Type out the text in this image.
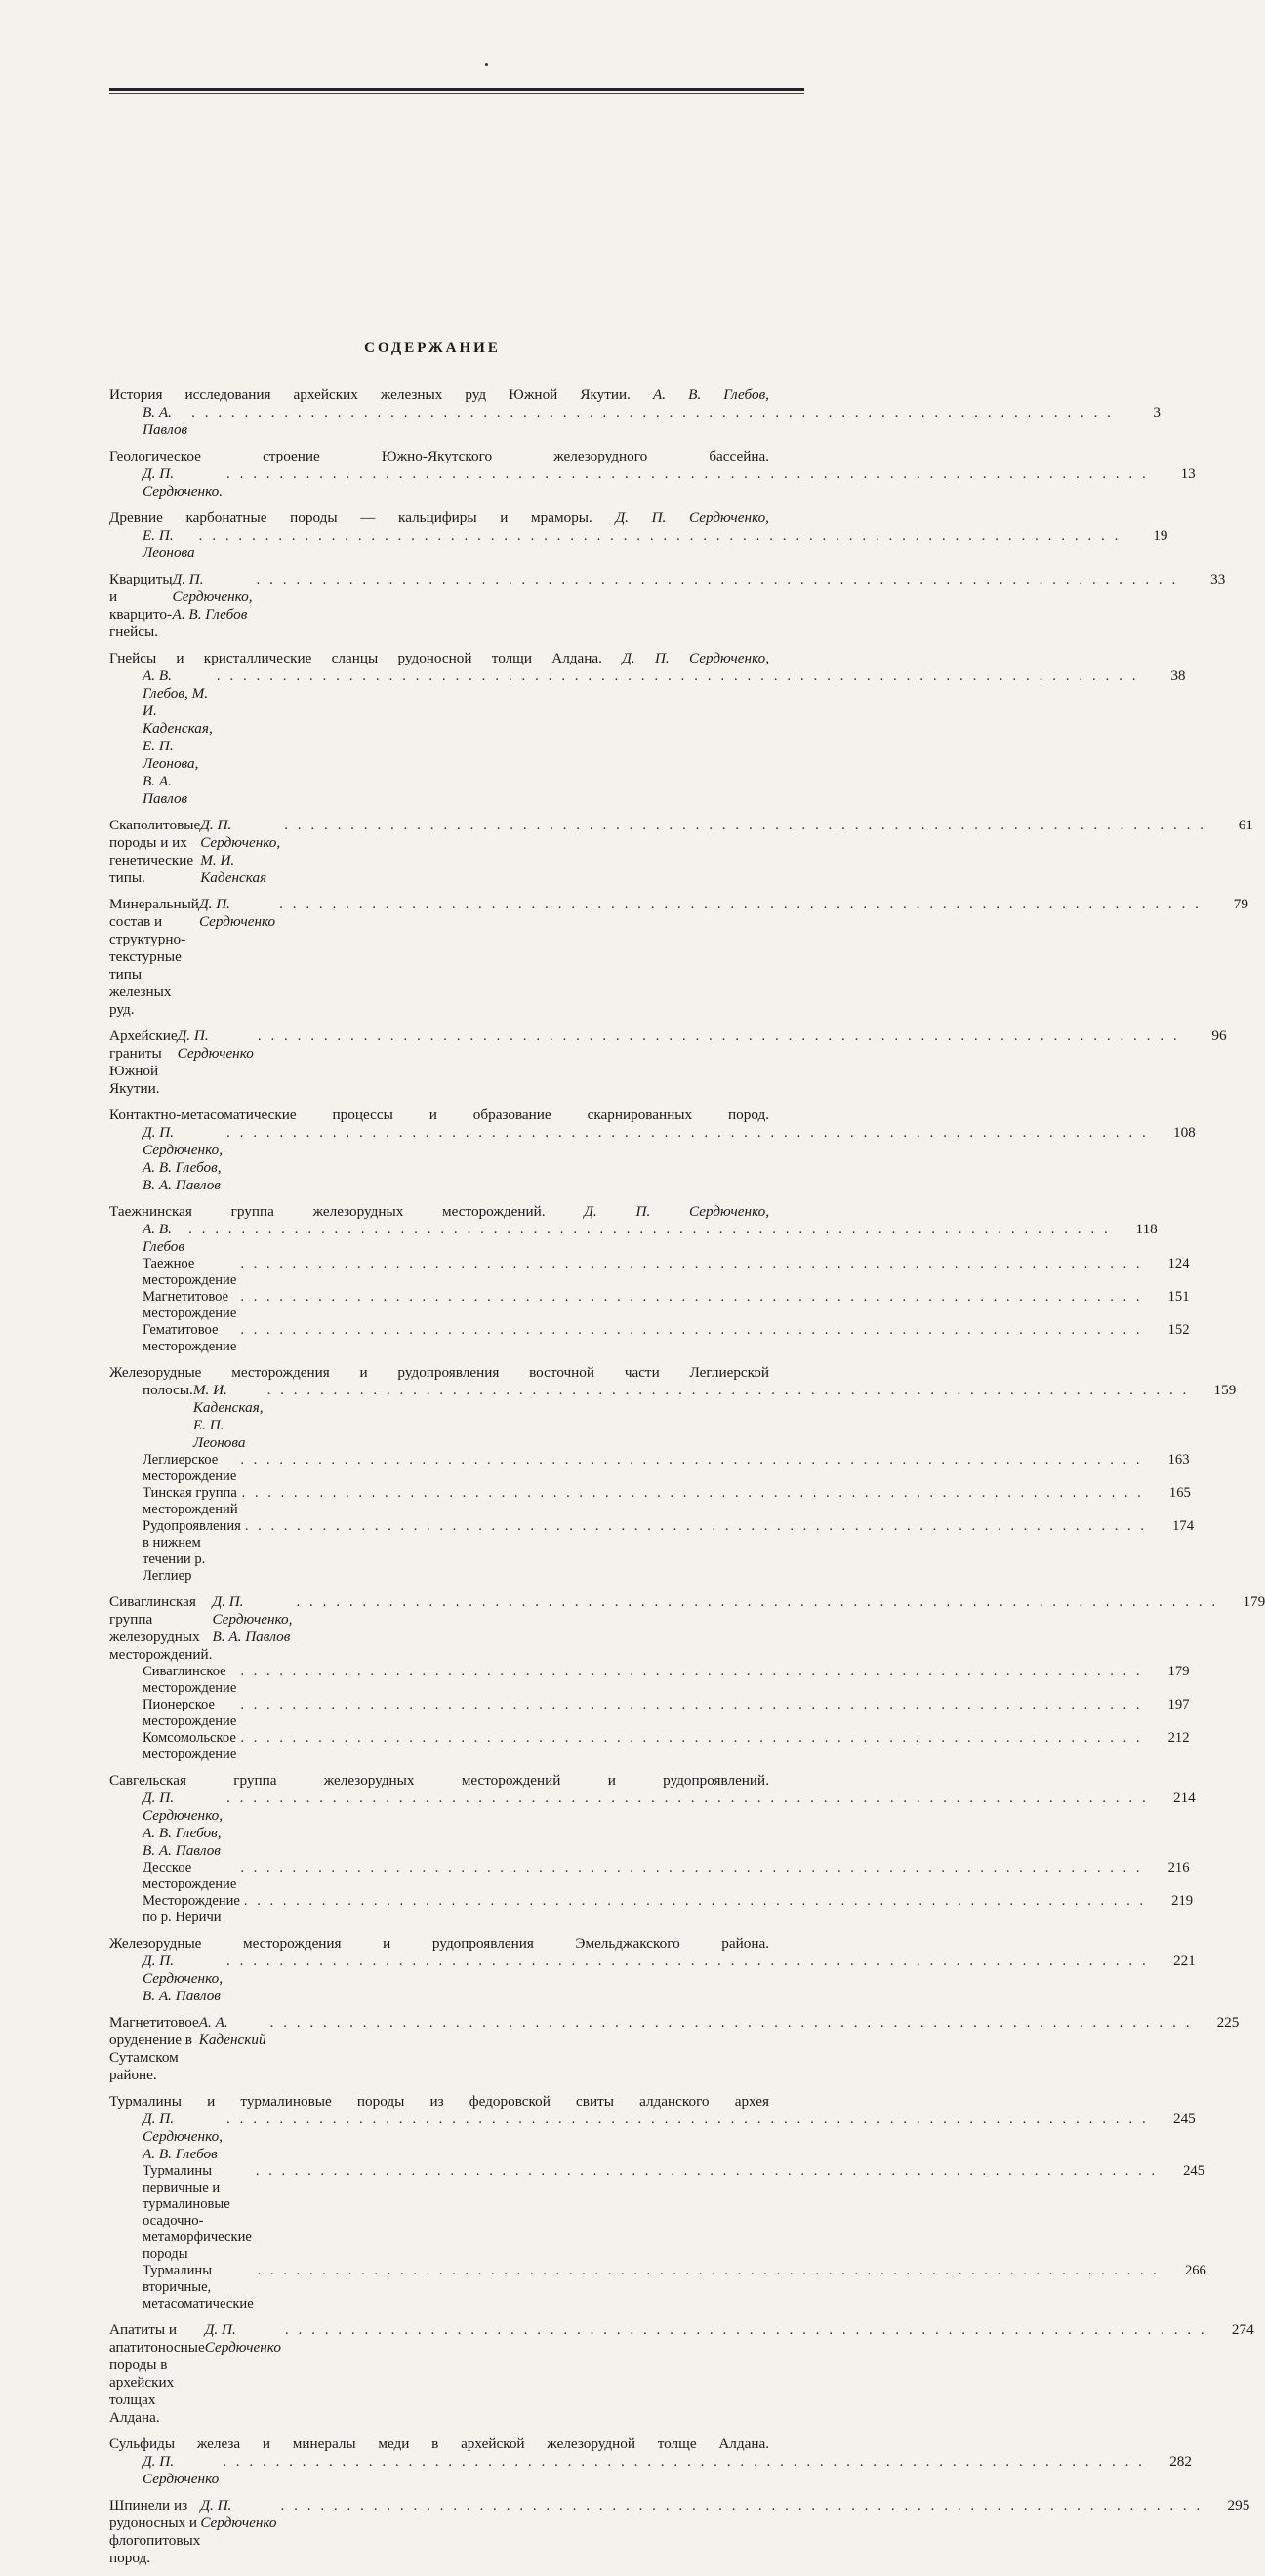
СОДЕРЖАНИЕ
История исследования архейских железных руд Южной Якутии. А. В. Глебов,
В. А. Павлов
. . . . . . . . . . . . . . . . . . . . . . . . . . . . . . . . . . . . . . . . . . . . . . . . . . . . . . . . . . . . . . . . . . . . . .	3
Геологическое строение Южно-Якутского железорудного бассейна.
Д. П. Сердюченко.
. . . . . . . . . . . . . . . . . . . . . . . . . . . . . . . . . . . . . . . . . . . . . . . . . . . . . . . . . . . . . . . . . . . . . .	13
Древние карбонатные породы — кальцифиры и мраморы. Д. П. Сердюченко,
Е. П. Леонова
. . . . . . . . . . . . . . . . . . . . . . . . . . . . . . . . . . . . . . . . . . . . . . . . . . . . . . . . . . . . . . . . . . . . . .	19
Кварциты и кварцито-гнейсы.
Д. П. Сердюченко, А. В. Глебов
. . . . . . . . . . . . . . . . . . . . . . . . . . . . . . . . . . . . . . . . . . . . . . . . . . . . . . . . . . . . . . . . . . . . . .	33
Гнейсы и кристаллические сланцы рудоносной толщи Алдана. Д. П. Сердюченко,
А. В. Глебов, М. И. Каденская, Е. П. Леонова, В. А. Павлов
. . . . . . . . . . . . . . . . . . . . . . . . . . . . . . . . . . . . . . . . . . . . . . . . . . . . . . . . . . . . . . . . . . . . . .	38
Скаполитовые породы и их генетические типы.
Д. П. Сердюченко, М. И. Каденская
. . . . . . . . . . . . . . . . . . . . . . . . . . . . . . . . . . . . . . . . . . . . . . . . . . . . . . . . . . . . . . . . . . . . . .	61
Минеральный состав и структурно-текстурные типы железных руд.
Д. П. Сердюченко
. . . . . . . . . . . . . . . . . . . . . . . . . . . . . . . . . . . . . . . . . . . . . . . . . . . . . . . . . . . . . . . . . . . . . .	79
Архейские граниты Южной Якутии.
Д. П. Сердюченко
. . . . . . . . . . . . . . . . . . . . . . . . . . . . . . . . . . . . . . . . . . . . . . . . . . . . . . . . . . . . . . . . . . . . . .	96
Контактно-метасоматические процессы и образование скарнированных пород.
Д. П. Сердюченко, А. В. Глебов, В. А. Павлов
. . . . . . . . . . . . . . . . . . . . . . . . . . . . . . . . . . . . . . . . . . . . . . . . . . . . . . . . . . . . . . . . . . . . . .	108
Таежнинская группа железорудных месторождений.	Д. П. Сердюченко,
А. В. Глебов
. . . . . . . . . . . . . . . . . . . . . . . . . . . . . . . . . . . . . . . . . . . . . . . . . . . . . . . . . . . . . . . . . . . . . .	118
Таежное месторождение
. . . . . . . . . . . . . . . . . . . . . . . . . . . . . . . . . . . . . . . . . . . . . . . . . . . . . . . . . . . . . . . . . . . . . .	124
Магнетитовое месторождение
. . . . . . . . . . . . . . . . . . . . . . . . . . . . . . . . . . . . . . . . . . . . . . . . . . . . . . . . . . . . . . . . . . . . . .	151
Гематитовое месторождение
. . . . . . . . . . . . . . . . . . . . . . . . . . . . . . . . . . . . . . . . . . . . . . . . . . . . . . . . . . . . . . . . . . . . . .	152
Железорудные месторождения и рудопроявления восточной части Леглиерской
полосы. М. И. Каденская, Е. П. Леонова
. . . . . . . . . . . . . . . . . . . . . . . . . . . . . . . . . . . . . . . . . . . . . . . . . . . . . . . . . . . . . . . . . . . . . .	159
Леглиерское месторождение
. . . . . . . . . . . . . . . . . . . . . . . . . . . . . . . . . . . . . . . . . . . . . . . . . . . . . . . . . . . . . . . . . . . . . .	163
Тинская группа месторождений
. . . . . . . . . . . . . . . . . . . . . . . . . . . . . . . . . . . . . . . . . . . . . . . . . . . . . . . . . . . . . . . . . . . . . .	165
Рудопроявления в нижнем течении р. Леглиер
. . . . . . . . . . . . . . . . . . . . . . . . . . . . . . . . . . . . . . . . . . . . . . . . . . . . . . . . . . . . . . . . . . . . . .	174
Сиваглинская группа железорудных месторождений.
Д. П. Сердюченко, В. А. Павлов
. . . . . . . . . . . . . . . . . . . . . . . . . . . . . . . . . . . . . . . . . . . . . . . . . . . . . . . . . . . . . . . . . . . . . .	179
Сиваглинское месторождение
. . . . . . . . . . . . . . . . . . . . . . . . . . . . . . . . . . . . . . . . . . . . . . . . . . . . . . . . . . . . . . . . . . . . . .	179
Пионерское месторождение
. . . . . . . . . . . . . . . . . . . . . . . . . . . . . . . . . . . . . . . . . . . . . . . . . . . . . . . . . . . . . . . . . . . . . .	197
Комсомольское месторождение
. . . . . . . . . . . . . . . . . . . . . . . . . . . . . . . . . . . . . . . . . . . . . . . . . . . . . . . . . . . . . . . . . . . . . .	212
Савгельская группа железорудных месторождений и рудопроявлений.
Д. П. Сердюченко, А. В. Глебов, В. А. Павлов
. . . . . . . . . . . . . . . . . . . . . . . . . . . . . . . . . . . . . . . . . . . . . . . . . . . . . . . . . . . . . . . . . . . . . .	214
Десское месторождение
. . . . . . . . . . . . . . . . . . . . . . . . . . . . . . . . . . . . . . . . . . . . . . . . . . . . . . . . . . . . . . . . . . . . . .	216
Месторождение по р. Неричи
. . . . . . . . . . . . . . . . . . . . . . . . . . . . . . . . . . . . . . . . . . . . . . . . . . . . . . . . . . . . . . . . . . . . . .	219
Железорудные месторождения и рудопроявления Эмельджакского района.
Д. П. Сердюченко, В. А. Павлов
. . . . . . . . . . . . . . . . . . . . . . . . . . . . . . . . . . . . . . . . . . . . . . . . . . . . . . . . . . . . . . . . . . . . . .	221
Магнетитовое оруденение в Сутамском районе.
А. А. Каденский
. . . . . . . . . . . . . . . . . . . . . . . . . . . . . . . . . . . . . . . . . . . . . . . . . . . . . . . . . . . . . . . . . . . . . .	225
Турмалины и турмалиновые породы из федоровской свиты алданского архея
Д. П. Сердюченко, А. В. Глебов
. . . . . . . . . . . . . . . . . . . . . . . . . . . . . . . . . . . . . . . . . . . . . . . . . . . . . . . . . . . . . . . . . . . . . .	245
Турмалины первичные и турмалиновые осадочно-метаморфические породы
. . . . . . . . . . . . . . . . . . . . . . . . . . . . . . . . . . . . . . . . . . . . . . . . . . . . . . . . . . . . . . . . . . . . . .	245
Турмалины вторичные, метасоматические
. . . . . . . . . . . . . . . . . . . . . . . . . . . . . . . . . . . . . . . . . . . . . . . . . . . . . . . . . . . . . . . . . . . . . .	266
Апатиты и апатитоносные породы в архейских толщах Алдана.
Д. П. Сердюченко
. . . . . . . . . . . . . . . . . . . . . . . . . . . . . . . . . . . . . . . . . . . . . . . . . . . . . . . . . . . . . . . . . . . . . .	274
Сульфиды железа и минералы меди в архейской железорудной толще Алдана.
Д. П. Сердюченко
. . . . . . . . . . . . . . . . . . . . . . . . . . . . . . . . . . . . . . . . . . . . . . . . . . . . . . . . . . . . . . . . . . . . . .	282
Шпинели из рудоносных и флогопитовых пород.
Д. П. Сердюченко
. . . . . . . . . . . . . . . . . . . . . . . . . . . . . . . . . . . . . . . . . . . . . . . . . . . . . . . . . . . . . . . . . . . . . .	295
